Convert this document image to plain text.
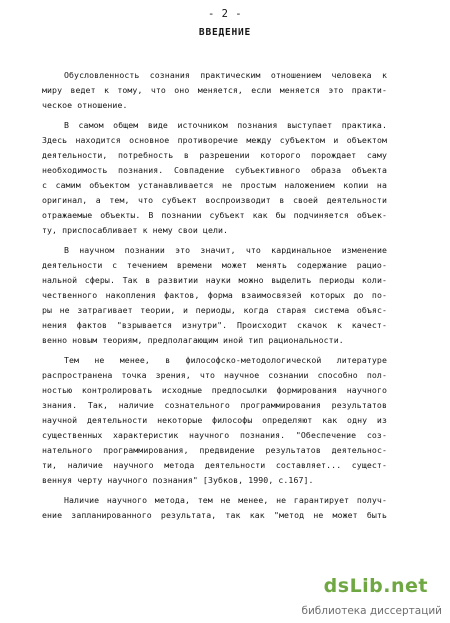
- 2 -
ВВЕДЕНИЕ
Обусловленность сознания практическим отношением человека к
миру ведет к тому, что оно меняется, если меняется это практи-
ческое отношение.
В самом общем виде источником познания выступает практика.
Здесь находится основное противоречие между субъектом и объектом
деятельности, потребность в разрешении которого порождает саму
необходимость познания. Совпадение субъективного образа объекта
с самим объектом устанавливается не простым наложением копии на
оригинал, а тем, что субъект воспроизводит в своей деятельности
отражаемые объекты. В познании субъект как бы подчиняется объек-
ту, приспосабливает к нему свои цели.
В научном познании это значит, что кардинальное изменение
деятельности с течением времени может менять содержание рацио-
нальной сферы. Так в развитии науки можно выделить периоды коли-
чественного накопления фактов, форма взаимосвязей которых до по-
ры не затрагивает теории, и периоды, когда старая система объяс-
нения фактов "взрывается изнутри". Происходит скачок к качест-
венно новым теориям, предполагающим иной тип рациональности.
Тем не менее, в философско-методологической литературе
распространена точка зрения, что научное сознании способно пол-
ностью контролировать исходные предпосылки формирования научного
знания. Так, наличие сознательного программирования результатов
научной деятельности некоторые философы определяют как одну из
существенных характеристик научного познания. "Обеспечение соз-
нательного программирования, предвидение результатов деятельнос-
ти, наличие научного метода деятельности составляет... сущест-
веннуя черту научного познания" [Зубков, 1990, с.167].
Наличие научного метода, тем не менее, не гарантирует получ-
ение запланированного результата, так как "метод не может быть
dsLib.net
библиотека диссертаций
